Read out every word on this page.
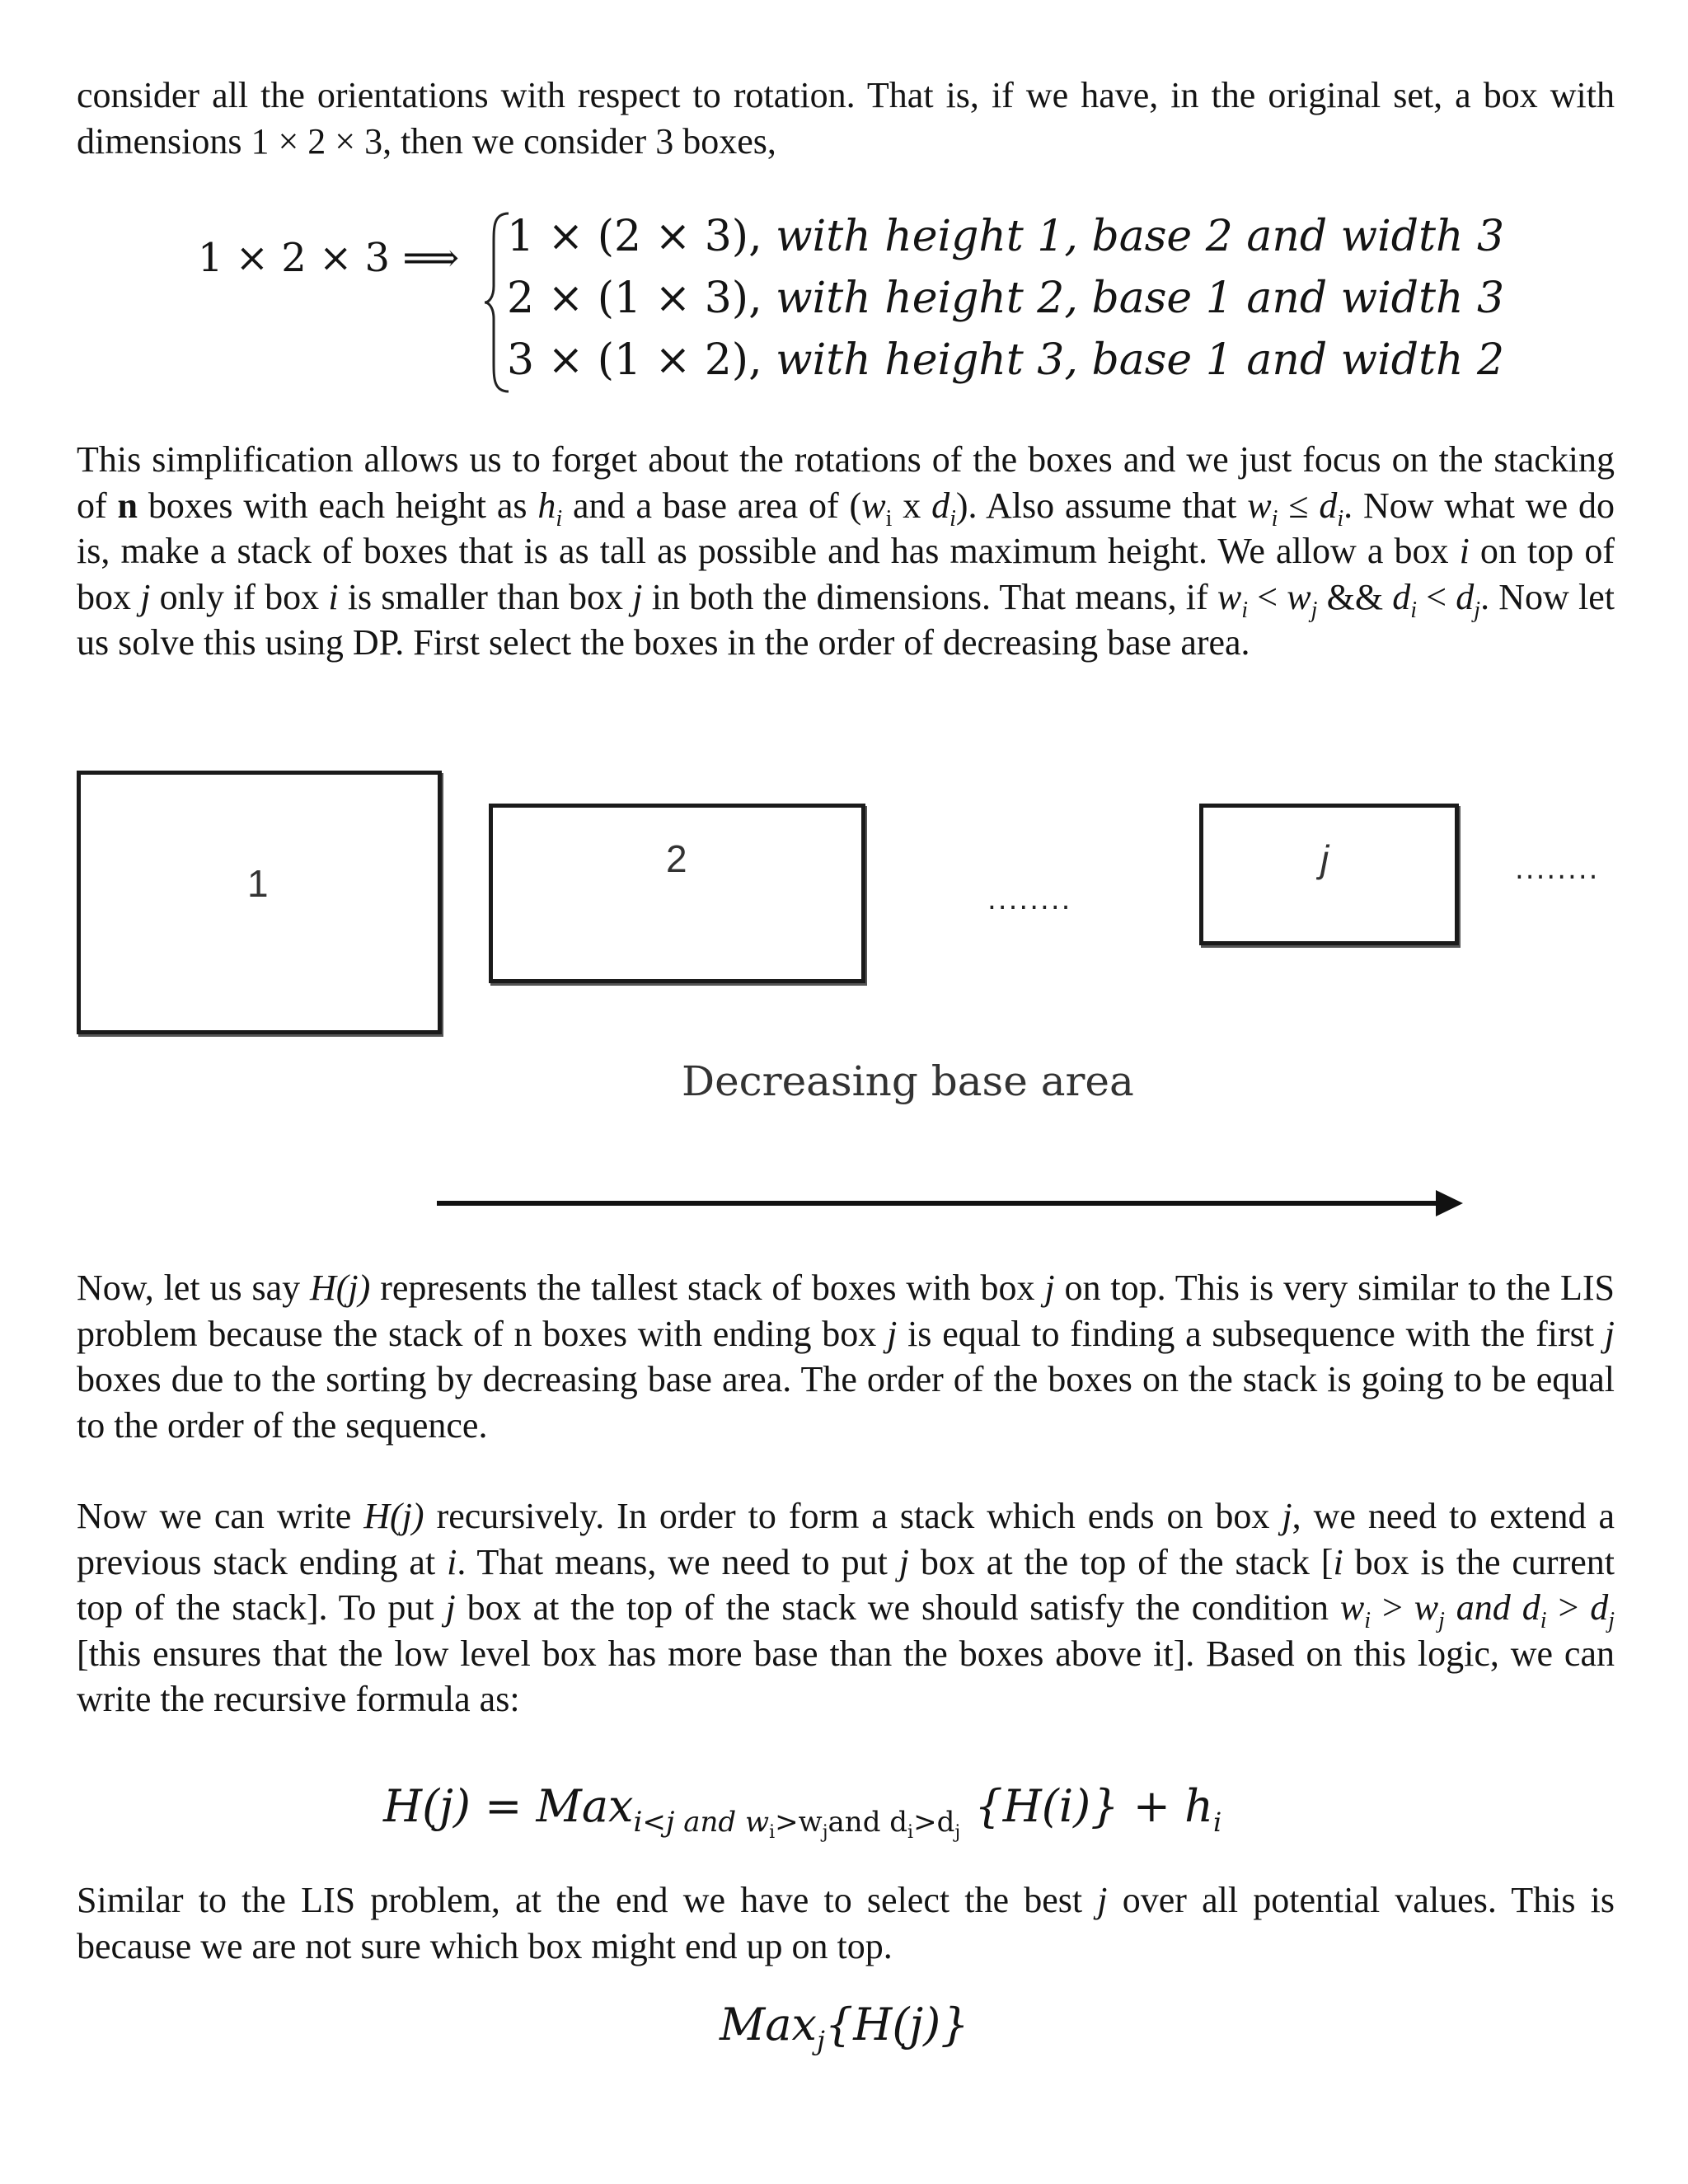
consider all the orientations with respect to rotation. That is, if we have, in the original set, a box with dimensions 1 × 2 × 3, then we consider 3 boxes,

1 × 2 × 3 ⟹ 1 × (2 × 3), with height 1, base 2 and width 3
2 × (1 × 3), with height 2, base 1 and width 3
3 × (1 × 2), with height 3, base 1 and width 2

This simplification allows us to forget about the rotations of the boxes and we just focus on the stacking of n boxes with each height as $h_i$ and a base area of ($w_i$ x $d_i$). Also assume that $w_i \le d_i$. Now what we do is, make a stack of boxes that is as tall as possible and has maximum height. We allow a box i on top of box j only if box i is smaller than box j in both the dimensions. That means, if $w_i < w_j$ && $d_i < d_j$. Now let us solve this using DP. First select the boxes in the order of decreasing base area.

1
2
........
j	........
Decreasing base area

Now, let us say H(j) represents the tallest stack of boxes with box j on top. This is very similar to the LIS problem because the stack of n boxes with ending box j is equal to finding a subsequence with the first j boxes due to the sorting by decreasing base area. The order of the boxes on the stack is going to be equal to the order of the sequence.

Now we can write H(j) recursively. In order to form a stack which ends on box j, we need to extend a previous stack ending at i. That means, we need to put j box at the top of the stack [i box is the current top of the stack]. To put j box at the top of the stack we should satisfy the condition $w_i > w_j$ and $d_i > d_j$ [this ensures that the low level box has more base than the boxes above it]. Based on this logic, we can write the recursive formula as:

H(j) = Max$_{i<j and w_i>w_jand d_i>d_j}$ $\{H(i)\} + h_i$

Similar to the LIS problem, at the end we have to select the best j over all potential values. This is because we are not sure which box might end up on top.

Max$_j${H(j)}
